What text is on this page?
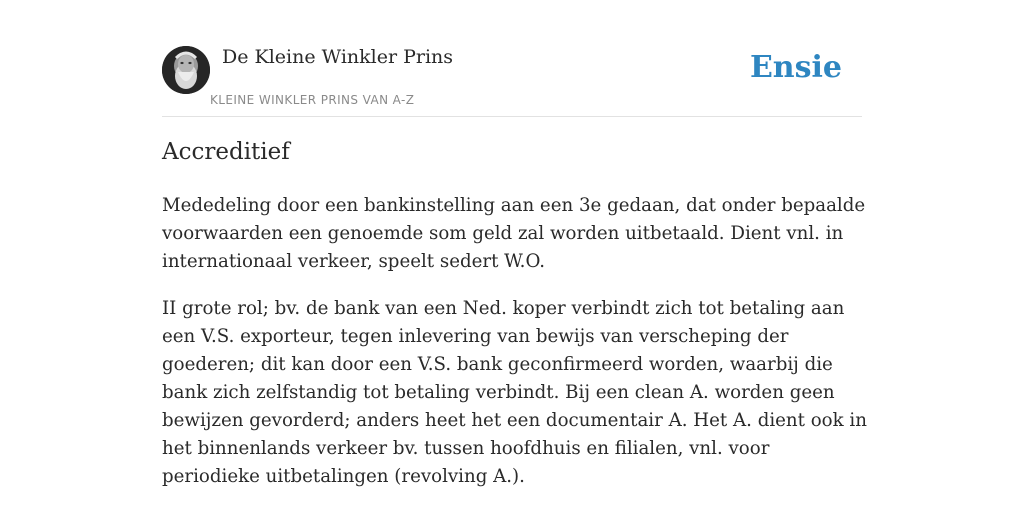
De Kleine Winkler Prins
KLEINE WINKLER PRINS VAN A-Z
Ensie
Accreditief

Mededeling door een bankinstelling aan een 3e gedaan, dat onder bepaalde voorwaarden een genoemde som geld zal worden uitbetaald. Dient vnl. in internationaal verkeer, speelt sedert W.O.

II grote rol; bv. de bank van een Ned. koper verbindt zich tot betaling aan een V.S. exporteur, tegen inlevering van bewijs van verscheping der goederen; dit kan door een V.S. bank geconfirmeerd worden, waarbij die bank zich zelfstandig tot betaling verbindt. Bij een clean A. worden geen bewijzen gevorderd; anders heet het een documentair A. Het A. dient ook in het binnenlands verkeer bv. tussen hoofdhuis en filialen, vnl. voor periodieke uitbetalingen (revolving A.).
